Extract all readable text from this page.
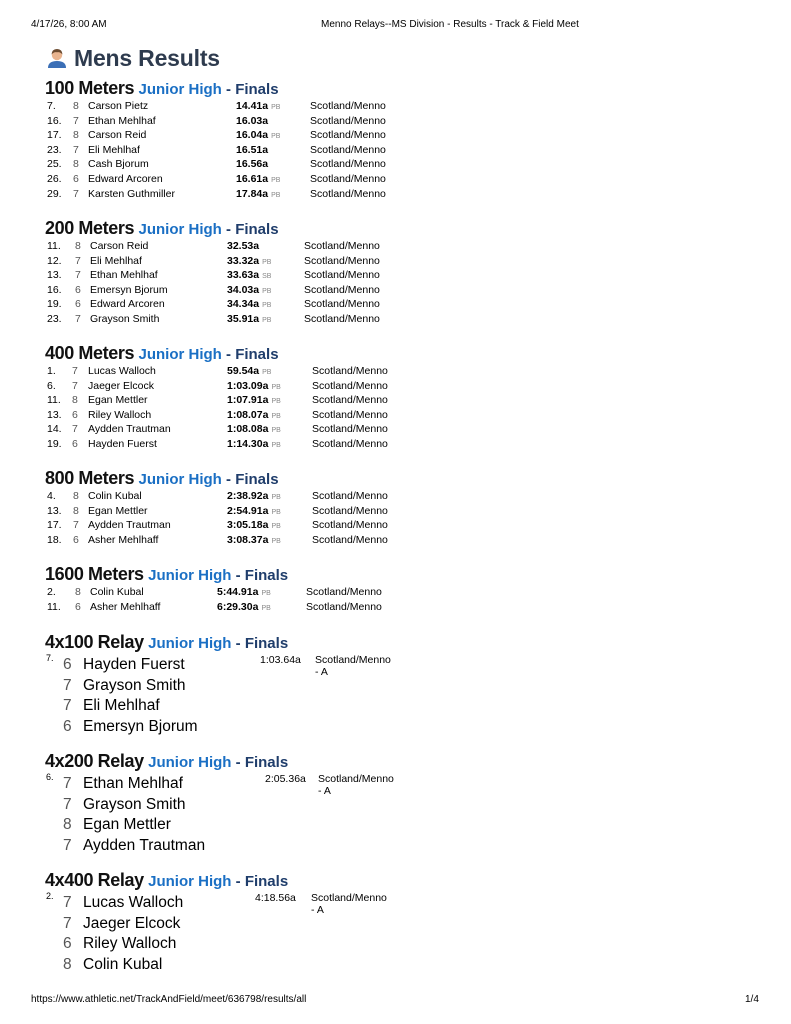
4/17/26, 8:00 AM	Menno Relays--MS Division - Results - Track & Field Meet
Mens Results
100 Meters Junior High - Finals
7. 8 Carson Pietz	14.41a PB	Scotland/Menno
16. 7 Ethan Mehlhaf	16.03a	Scotland/Menno
17. 8 Carson Reid	16.04a PB	Scotland/Menno
23. 7 Eli Mehlhaf	16.51a	Scotland/Menno
25. 8 Cash Bjorum	16.56a	Scotland/Menno
26. 6 Edward Arcoren	16.61a PB	Scotland/Menno
29. 7 Karsten Guthmiller	17.84a PB	Scotland/Menno
200 Meters Junior High - Finals
11. 8 Carson Reid	32.53a	Scotland/Menno
12. 7 Eli Mehlhaf	33.32a PB	Scotland/Menno
13. 7 Ethan Mehlhaf	33.63a SB	Scotland/Menno
16. 6 Emersyn Bjorum	34.03a PB	Scotland/Menno
19. 6 Edward Arcoren	34.34a PB	Scotland/Menno
23. 7 Grayson Smith	35.91a PB	Scotland/Menno
400 Meters Junior High - Finals
1. 7 Lucas Walloch	59.54a PB	Scotland/Menno
6. 7 Jaeger Elcock	1:03.09a PB	Scotland/Menno
11. 8 Egan Mettler	1:07.91a PB	Scotland/Menno
13. 6 Riley Walloch	1:08.07a PB	Scotland/Menno
14. 7 Aydden Trautman	1:08.08a PB	Scotland/Menno
19. 6 Hayden Fuerst	1:14.30a PB	Scotland/Menno
800 Meters Junior High - Finals
4. 8 Colin Kubal	2:38.92a PB	Scotland/Menno
13. 8 Egan Mettler	2:54.91a PB	Scotland/Menno
17. 7 Aydden Trautman	3:05.18a PB	Scotland/Menno
18. 6 Asher Mehlhaff	3:08.37a PB	Scotland/Menno
1600 Meters Junior High - Finals
2. 8 Colin Kubal	5:44.91a PB	Scotland/Menno
11. 6 Asher Mehlhaff	6:29.30a PB	Scotland/Menno
4x100 Relay Junior High - Finals
7.	1:03.64a Scotland/Menno - A
6 Hayden Fuerst
7 Grayson Smith
7 Eli Mehlhaf
6 Emersyn Bjorum
4x200 Relay Junior High - Finals
6.	2:05.36a Scotland/Menno - A
7 Ethan Mehlhaf
7 Grayson Smith
8 Egan Mettler
7 Aydden Trautman
4x400 Relay Junior High - Finals
2.	4:18.56a Scotland/Menno - A
7 Lucas Walloch
7 Jaeger Elcock
6 Riley Walloch
8 Colin Kubal
https://www.athletic.net/TrackAndField/meet/636798/results/all	1/4
